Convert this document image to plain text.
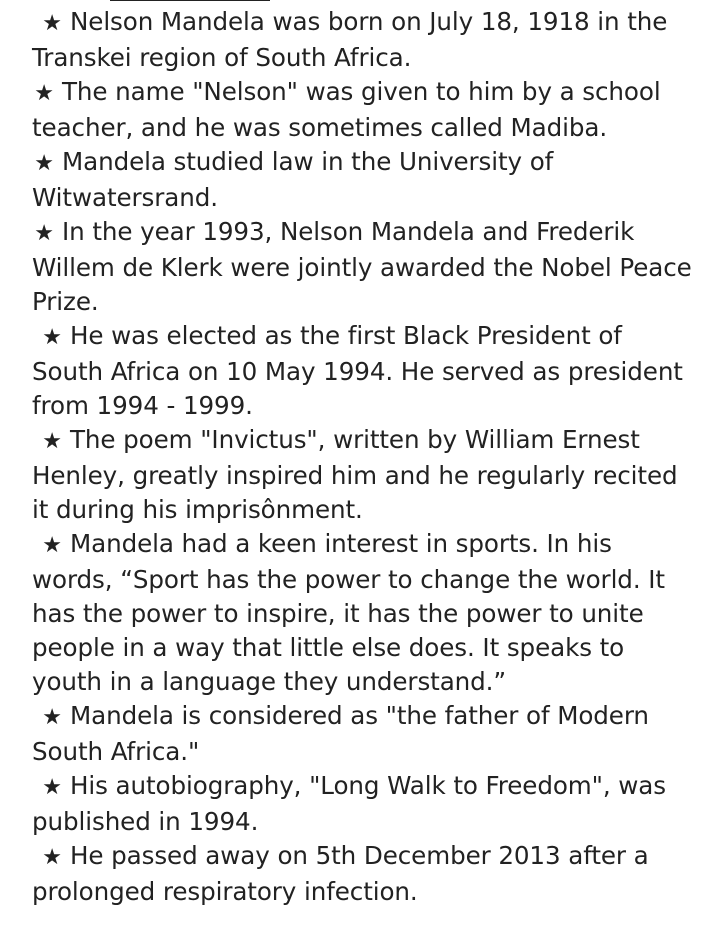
★ Nelson Mandela was born on July 18, 1918 in the Transkei region of South Africa.
★ The name "Nelson" was given to him by a school teacher, and he was sometimes called Madiba.
★ Mandela studied law in the University of Witwatersrand.
★ In the year 1993, Nelson Mandela and Frederik Willem de Klerk were jointly awarded the Nobel Peace Prize.
★ He was elected as the first Black President of South Africa on 10 May 1994. He served as president from 1994 - 1999.
★ The poem "Invictus", written by William Ernest Henley, greatly inspired him and he regularly recited it during his imprisônment.
★ Mandela had a keen interest in sports. In his words, “Sport has the power to change the world. It has the power to inspire, it has the power to unite people in a way that little else does. It speaks to youth in a language they understand.”
★ Mandela is considered as "the father of Modern South Africa."
★ His autobiography, "Long Walk to Freedom", was published in 1994.
★ He passed away on 5th December 2013 after a prolonged respiratory infection.
